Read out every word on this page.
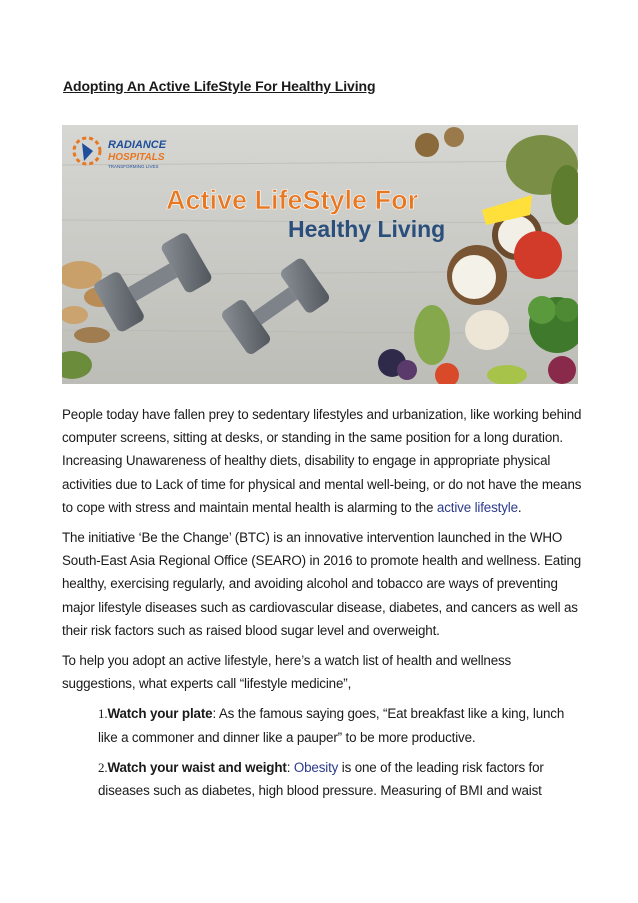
Adopting An Active LifeStyle For Healthy Living
RADIANCE
HOSPITALS
TRANSFORMING LIVES
Active LifeStyle For
Healthy Living

People today have fallen prey to sedentary lifestyles and urbanization, like working behind computer screens, sitting at desks, or standing in the same position for a long duration. Increasing Unawareness of healthy diets, disability to engage in appropriate physical activities due to Lack of time for physical and mental well-being, or do not have the means to cope with stress and maintain mental health is alarming to the active lifestyle.

The initiative ‘Be the Change’ (BTC) is an innovative intervention launched in the WHO South-East Asia Regional Office (SEARO) in 2016 to promote health and wellness. Eating healthy, exercising regularly, and avoiding alcohol and tobacco are ways of preventing major lifestyle diseases such as cardiovascular disease, diabetes, and cancers as well as their risk factors such as raised blood sugar level and overweight.

To help you adopt an active lifestyle, here’s a watch list of health and wellness suggestions, what experts call “lifestyle medicine”,

1.Watch your plate: As the famous saying goes, “Eat breakfast like a king, lunch like a commoner and dinner like a pauper” to be more productive.
2.Watch your waist and weight: Obesity is one of the leading risk factors for diseases such as diabetes, high blood pressure. Measuring of BMI and waist
